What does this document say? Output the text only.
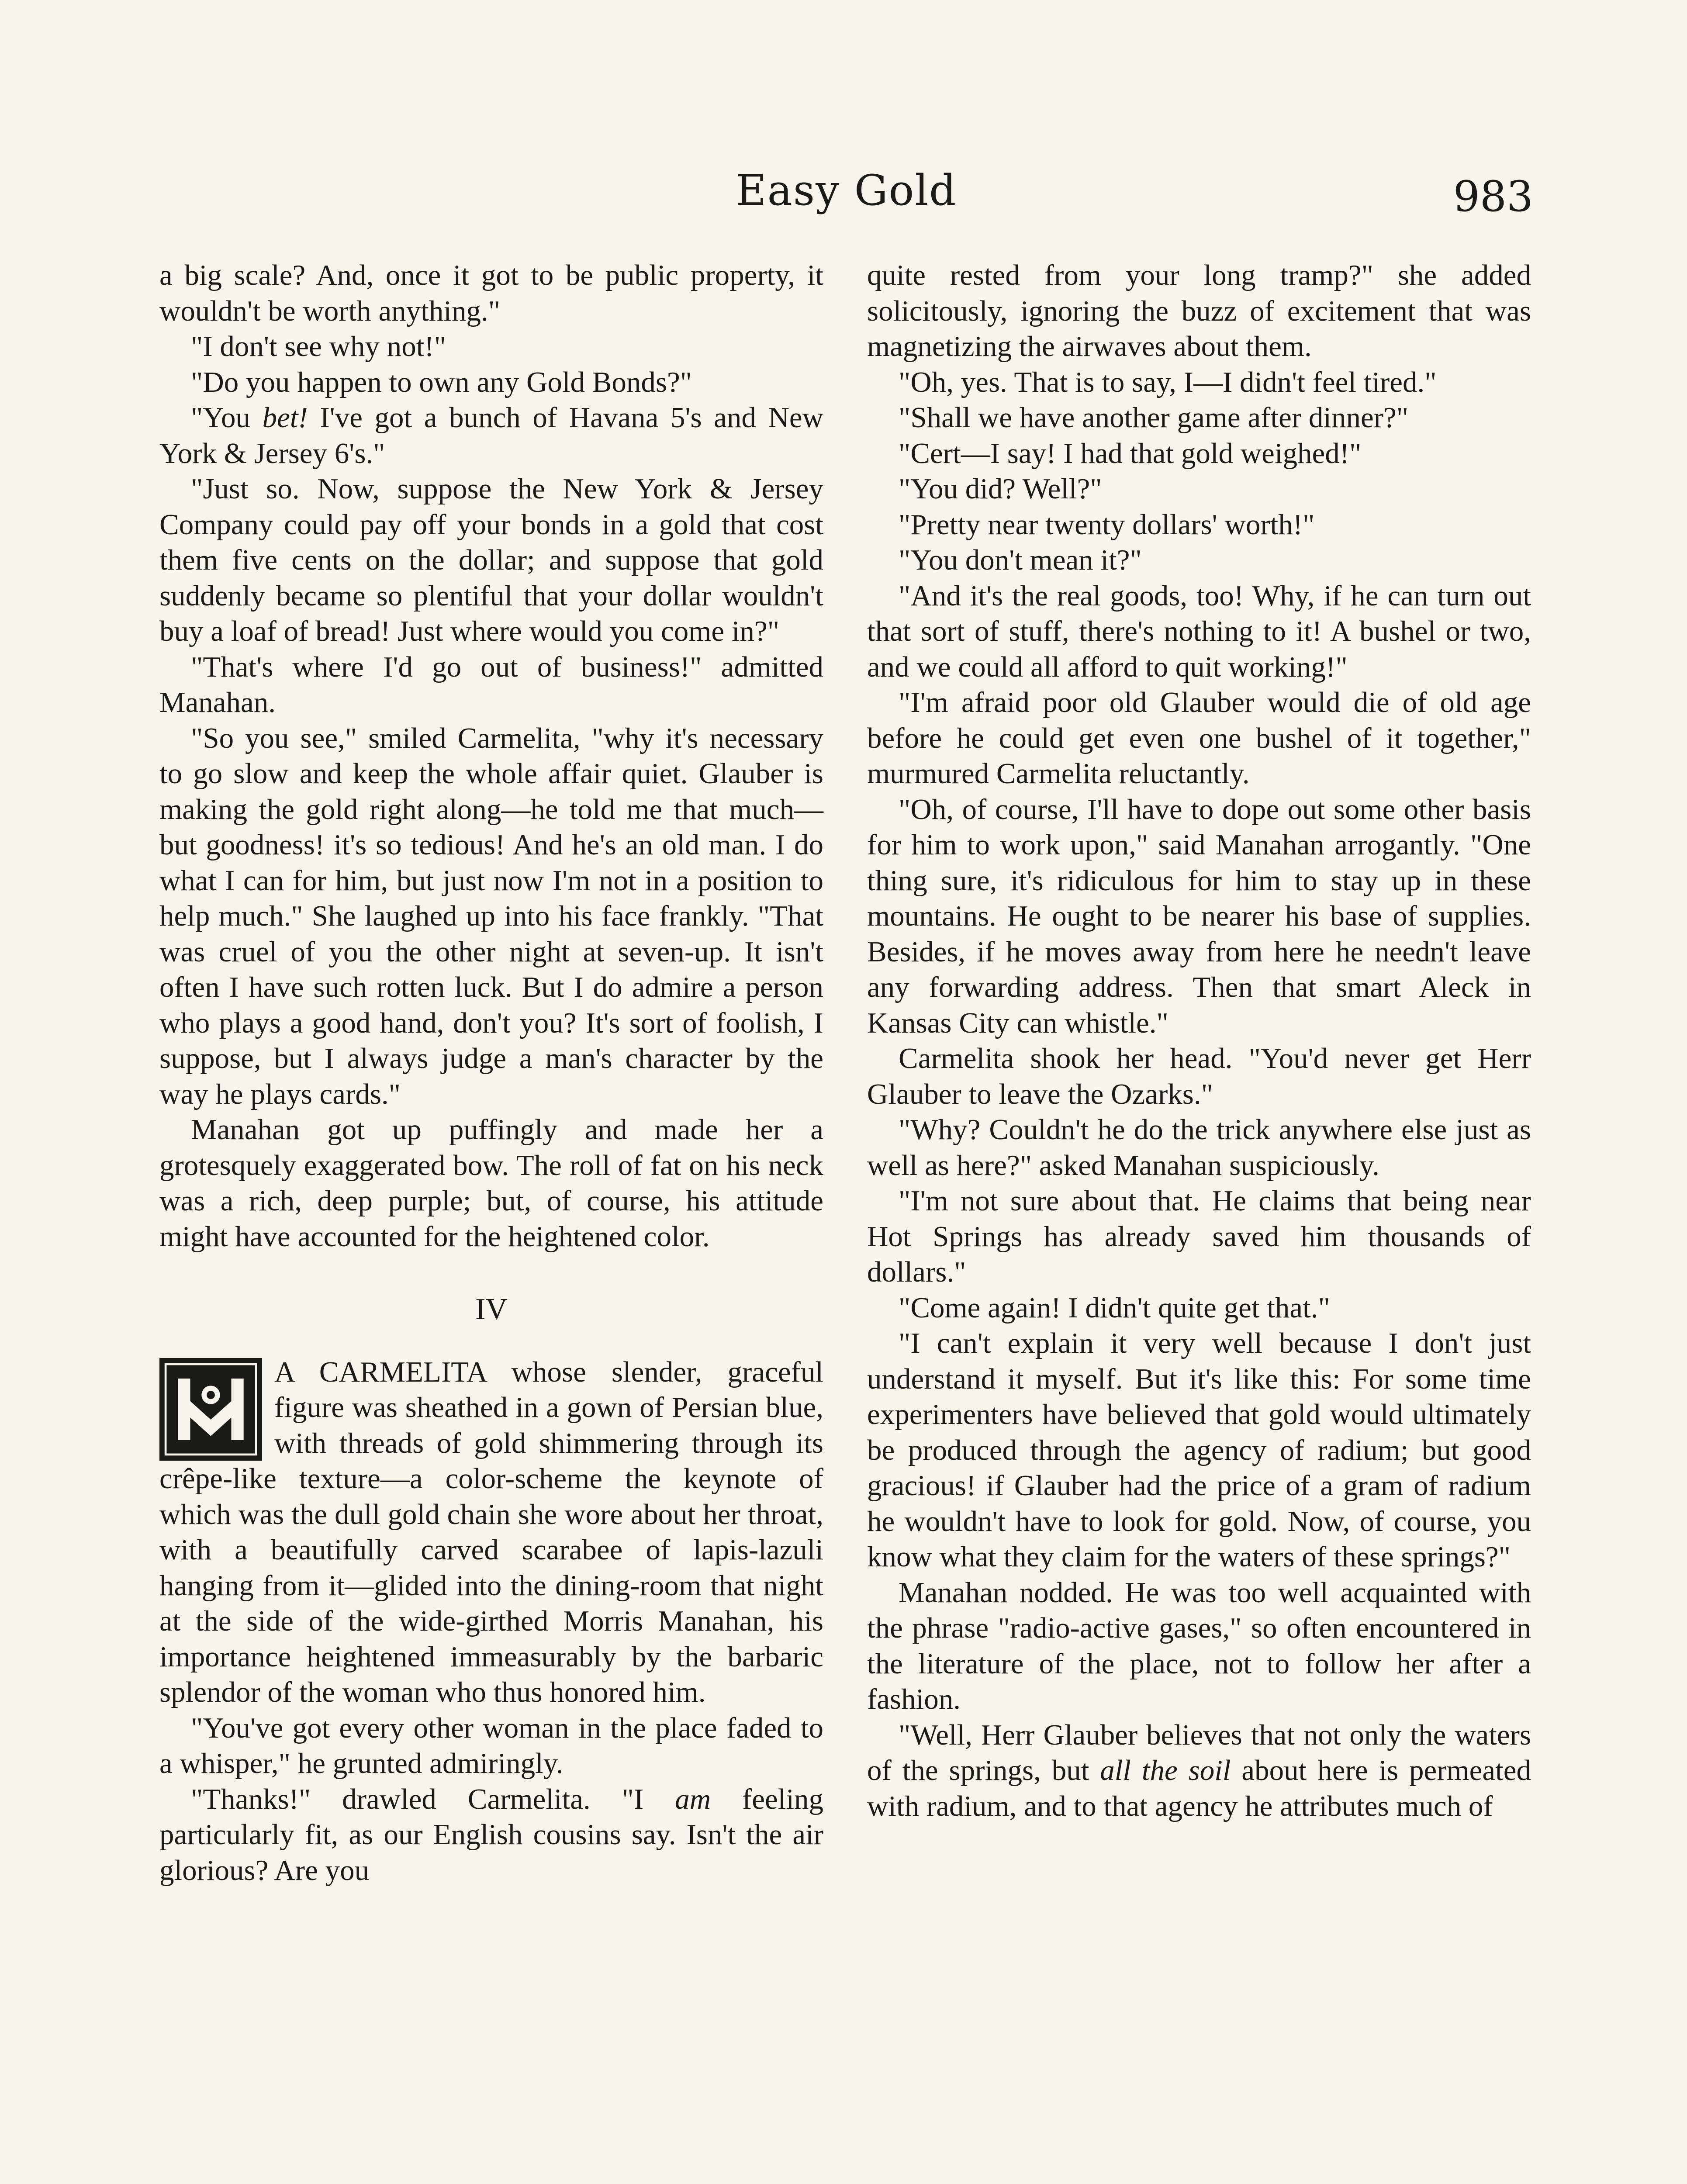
Easy Gold	983

a big scale? And, once it got to be public property, it wouldn't be worth anything."

"I don't see why not!"

"Do you happen to own any Gold Bonds?"

"You bet! I've got a bunch of Havana 5's and New York & Jersey 6's."

"Just so. Now, suppose the New York & Jersey Company could pay off your bonds in a gold that cost them five cents on the dollar; and suppose that gold suddenly became so plentiful that your dollar wouldn't buy a loaf of bread! Just where would you come in?"

"That's where I'd go out of business!" admitted Manahan.

"So you see," smiled Carmelita, "why it's necessary to go slow and keep the whole affair quiet. Glauber is making the gold right along—he told me that much—but goodness! it's so tedious! And he's an old man. I do what I can for him, but just now I'm not in a position to help much." She laughed up into his face frankly. "That was cruel of you the other night at seven-up. It isn't often I have such rotten luck. But I do admire a person who plays a good hand, don't you? It's sort of foolish, I suppose, but I always judge a man's character by the way he plays cards."

Manahan got up puffingly and made her a grotesquely exaggerated bow. The roll of fat on his neck was a rich, deep purple; but, of course, his attitude might have accounted for the heightened color.

IV

A CARMELITA whose slender, graceful figure was sheathed in a gown of Persian blue, with threads of gold shimmering through its crêpe-like texture—a color-scheme the keynote of which was the dull gold chain she wore about her throat, with a beautifully carved scarabee of lapis-lazuli hanging from it—glided into the dining-room that night at the side of the wide-girthed Morris Manahan, his importance heightened immeasurably by the barbaric splendor of the woman who thus honored him.

"You've got every other woman in the place faded to a whisper," he grunted admiringly.

"Thanks!" drawled Carmelita. "I am feeling particularly fit, as our English cousins say. Isn't the air glorious? Are you

quite rested from your long tramp?" she added solicitously, ignoring the buzz of excitement that was magnetizing the airwaves about them.

"Oh, yes. That is to say, I—I didn't feel tired."

"Shall we have another game after dinner?"

"Cert—I say! I had that gold weighed!"

"You did? Well?"

"Pretty near twenty dollars' worth!"

"You don't mean it?"

"And it's the real goods, too! Why, if he can turn out that sort of stuff, there's nothing to it! A bushel or two, and we could all afford to quit working!"

"I'm afraid poor old Glauber would die of old age before he could get even one bushel of it together," murmured Carmelita reluctantly.

"Oh, of course, I'll have to dope out some other basis for him to work upon," said Manahan arrogantly. "One thing sure, it's ridiculous for him to stay up in these mountains. He ought to be nearer his base of supplies. Besides, if he moves away from here he needn't leave any forwarding address. Then that smart Aleck in Kansas City can whistle."

Carmelita shook her head. "You'd never get Herr Glauber to leave the Ozarks."

"Why? Couldn't he do the trick anywhere else just as well as here?" asked Manahan suspiciously.

"I'm not sure about that. He claims that being near Hot Springs has already saved him thousands of dollars."

"Come again! I didn't quite get that."

"I can't explain it very well because I don't just understand it myself. But it's like this: For some time experimenters have believed that gold would ultimately be produced through the agency of radium; but good gracious! if Glauber had the price of a gram of radium he wouldn't have to look for gold. Now, of course, you know what they claim for the waters of these springs?"

Manahan nodded. He was too well acquainted with the phrase "radio-active gases," so often encountered in the literature of the place, not to follow her after a fashion.

"Well, Herr Glauber believes that not only the waters of the springs, but all the soil about here is permeated with radium, and to that agency he attributes much of
